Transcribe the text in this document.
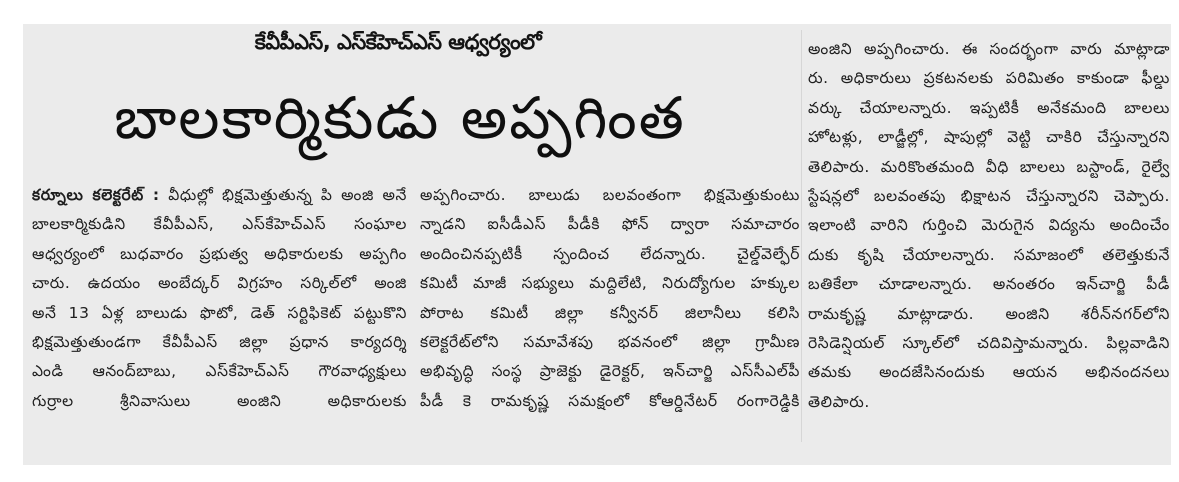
కేవీపీఎస్, ఎస్‌కేహెచ్‌ఎస్ ఆధ్వర్యంలో
బాలకార్మికుడు అప్పగింత
కర్నూలు కలెక్టరేట్ : వీధుల్లో భిక్షమెత్తుతున్న పి అంజి అనే
బాలకార్మికుడిని కేవీపీఎస్, ఎస్‌కేహెచ్‌ఎస్ సంఘాల
ఆధ్వర్యంలో బుధవారం ప్రభుత్వ అధికారులకు అప్పగిం
చారు. ఉదయం అంబేద్కర్ విగ్రహం సర్కిల్‌లో అంజి
అనే 13 ఏళ్ల బాలుడు ఫొటో, డెత్ సర్టిఫికెట్ పట్టుకొని
భిక్షమెత్తుతుండగా కేవీపీఎస్ జిల్లా ప్రధాన కార్యదర్శి
ఎండి ఆనంద్‌బాబు, ఎస్‌కేహెచ్‌ఎస్ గౌరవాధ్యక్షులు
గుర్రాల శ్రీనివాసులు అంజిని అధికారులకు
అప్పగించారు. బాలుడు బలవంతంగా భిక్షమెత్తుకుంటు
న్నాడని ఐసీడీఎస్ పీడీకి ఫోన్ ద్వారా సమాచారం
అందించినప్పటికీ స్పందించ లేదన్నారు. చైల్డ్‌వెల్ఫేర్
కమిటీ మాజీ సభ్యులు మద్దిలేటి, నిరుద్యోగుల హక్కుల
పోరాట కమిటీ జిల్లా కన్వీనర్ జిలానీలు కలిసి
కలెక్టరేట్‌లోని సమావేశపు భవనంలో జిల్లా గ్రామీణ
అభివృద్ధి సంస్థ ప్రాజెక్టు డైరెక్టర్, ఇన్‌చార్జి ఎస్‌సీఎల్‌పీ
పీడీ కె రామకృష్ణ సమక్షంలో కోఆర్డినేటర్ రంగారెడ్డికి
అంజిని అప్పగించారు. ఈ సందర్భంగా వారు మాట్లాడా
రు. అధికారులు ప్రకటనలకు పరిమితం కాకుండా ఫీల్డు
వర్కు చేయాలన్నారు. ఇప్పటికీ అనేకమంది బాలలు
హోటళ్లు, లాడ్జీల్లో, షాపుల్లో వెట్టి చాకిరి చేస్తున్నారని
తెలిపారు. మరికొంతమంది వీధి బాలలు బస్టాండ్, రైల్వే
స్టేషన్లలో బలవంతపు భిక్షాటన చేస్తున్నారని చెప్పారు.
ఇలాంటి వారిని గుర్తించి మెరుగైన విద్యను అందించేం
దుకు కృషి చేయాలన్నారు. సమాజంలో తలెత్తుకునే
బతికేలా చూడాలన్నారు. అనంతరం ఇన్‌చార్జి పీడీ
రామకృష్ణ మాట్లాడారు. అంజిని శరీన్‌నగర్‌లోని
రెసిడెన్షియల్ స్కూల్‌లో చదివిస్తామన్నారు. పిల్లవాడిని
తమకు అందజేసినందుకు ఆయన అభినందనలు
తెలిపారు.
